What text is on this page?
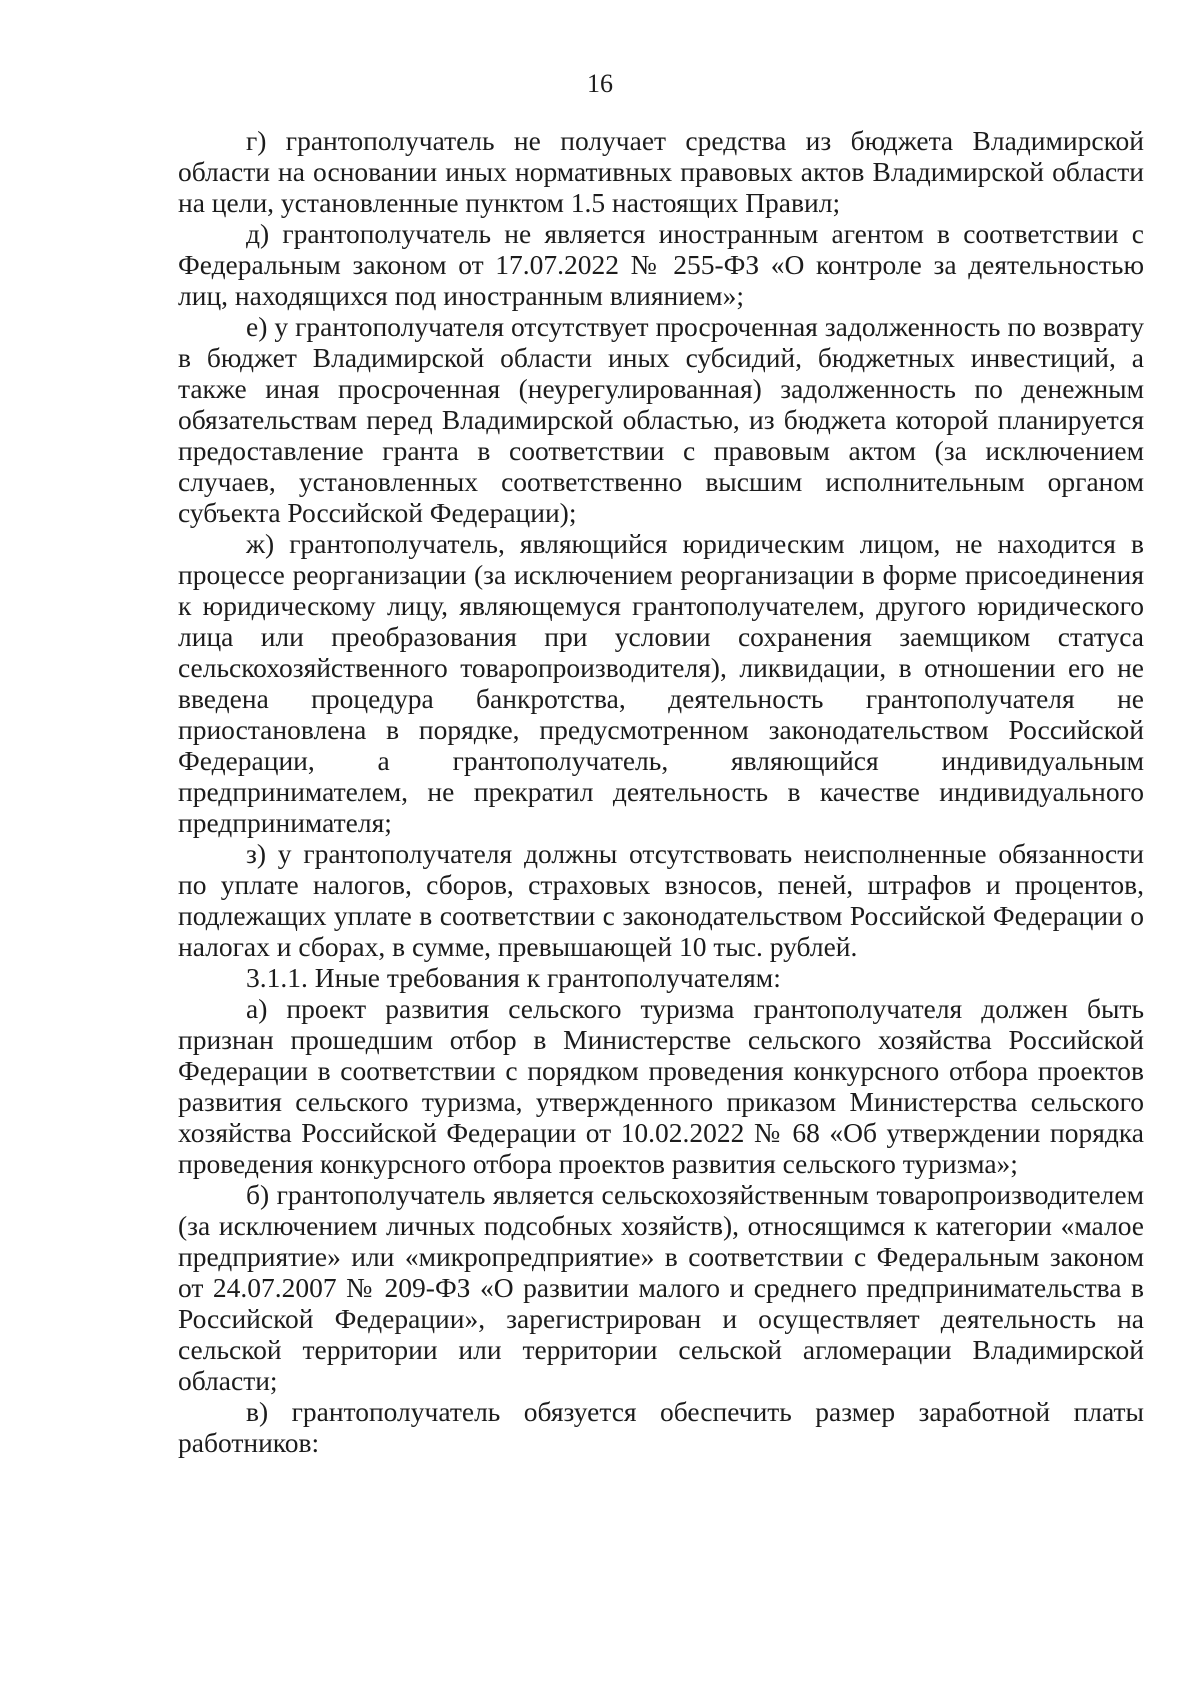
16

г) грантополучатель не получает средства из бюджета Владимирской области на основании иных нормативных правовых актов Владимирской области на цели, установленные пунктом 1.5 настоящих Правил;

д) грантополучатель не является иностранным агентом в соответствии с Федеральным законом от 17.07.2022 № 255-ФЗ «О контроле за деятельностью лиц, находящихся под иностранным влиянием»;

е) у грантополучателя отсутствует просроченная задолженность по возврату в бюджет Владимирской области иных субсидий, бюджетных инвестиций, а также иная просроченная (неурегулированная) задолженность по денежным обязательствам перед Владимирской областью, из бюджета которой планируется предоставление гранта в соответствии с правовым актом (за исключением случаев, установленных соответственно высшим исполнительным органом субъекта Российской Федерации);

ж) грантополучатель, являющийся юридическим лицом, не находится в процессе реорганизации (за исключением реорганизации в форме присоединения к юридическому лицу, являющемуся грантополучателем, другого юридического лица или преобразования при условии сохранения заемщиком статуса сельскохозяйственного товаропроизводителя), ликвидации, в отношении его не введена процедура банкротства, деятельность грантополучателя не приостановлена в порядке, предусмотренном законодательством Российской Федерации, а грантополучатель, являющийся индивидуальным предпринимателем, не прекратил деятельность в качестве индивидуального предпринимателя;

з) у грантополучателя должны отсутствовать неисполненные обязанности по уплате налогов, сборов, страховых взносов, пеней, штрафов и процентов, подлежащих уплате в соответствии с законодательством Российской Федерации о налогах и сборах, в сумме, превышающей 10 тыс. рублей.

3.1.1. Иные требования к грантополучателям:

а) проект развития сельского туризма грантополучателя должен быть признан прошедшим отбор в Министерстве сельского хозяйства Российской Федерации в соответствии с порядком проведения конкурсного отбора проектов развития сельского туризма, утвержденного приказом Министерства сельского хозяйства Российской Федерации от 10.02.2022 № 68 «Об утверждении порядка проведения конкурсного отбора проектов развития сельского туризма»;

б) грантополучатель является сельскохозяйственным товаропроизводителем (за исключением личных подсобных хозяйств), относящимся к категории «малое предприятие» или «микропредприятие» в соответствии с Федеральным законом от 24.07.2007 № 209-ФЗ «О развитии малого и среднего предпринимательства в Российской Федерации», зарегистрирован и осуществляет деятельность на сельской территории или территории сельской агломерации Владимирской области;

в) грантополучатель обязуется обеспечить размер заработной платы работников:
